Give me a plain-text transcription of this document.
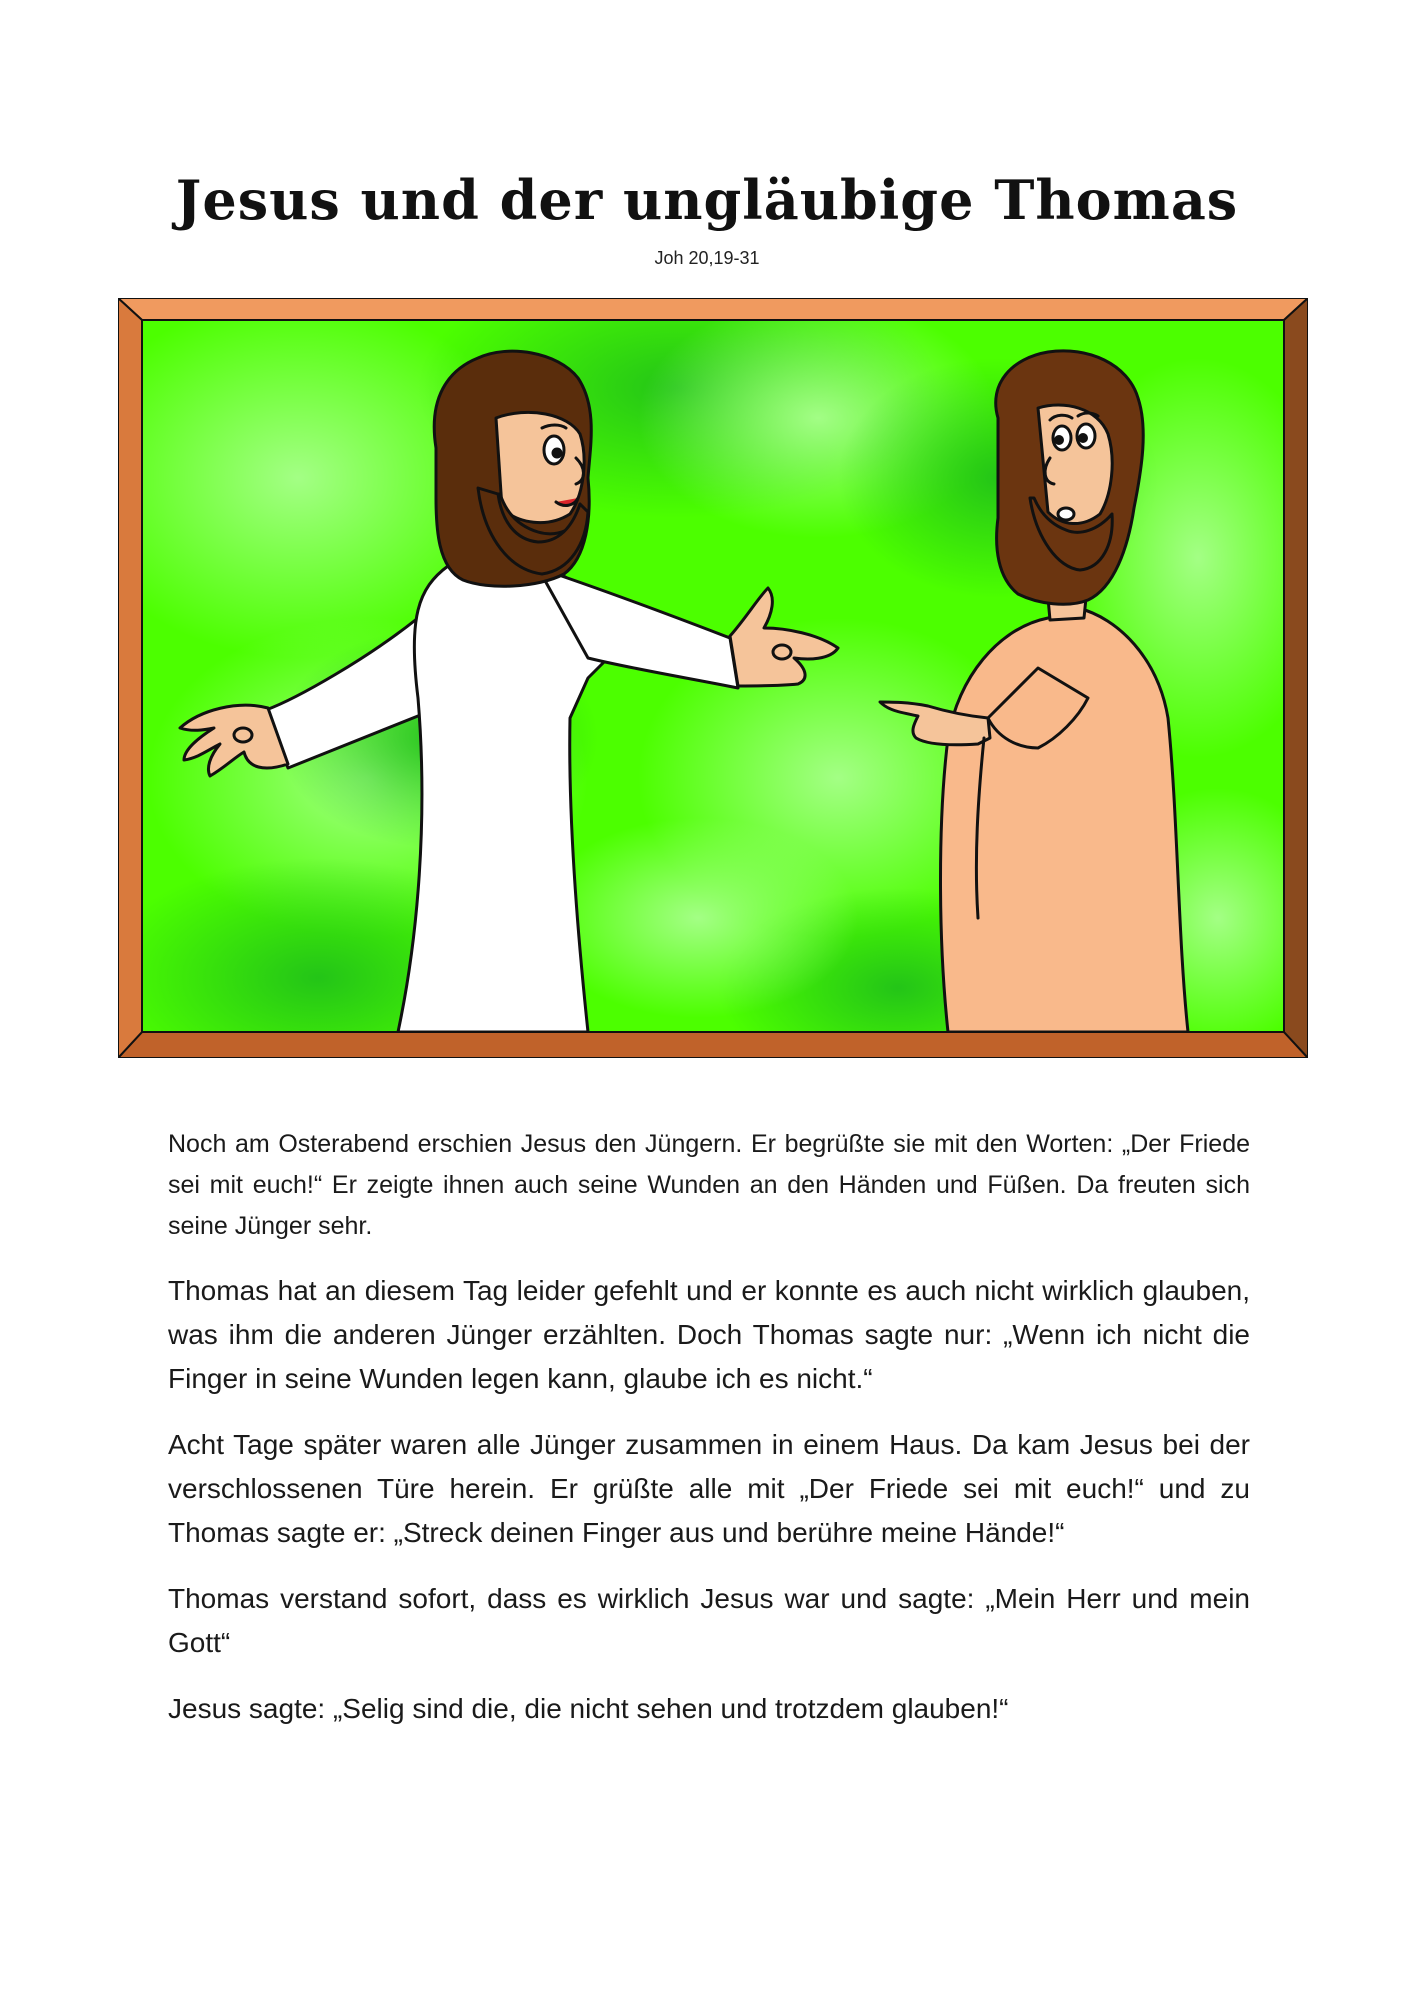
Jesus und der ungläubige Thomas
Joh 20,19-31

Noch am Osterabend erschien Jesus den Jüngern. Er begrüßte sie mit den Worten: „Der Friede sei mit euch!“ Er zeigte ihnen auch seine Wunden an den Händen und Füßen. Da freuten sich seine Jünger sehr.

Thomas hat an diesem Tag leider gefehlt und er konnte es auch nicht wirklich glauben, was ihm die anderen Jünger erzählten. Doch Thomas sagte nur: „Wenn ich nicht die Finger in seine Wunden legen kann, glaube ich es nicht.“

Acht Tage später waren alle Jünger zusammen in einem Haus. Da kam Jesus bei der verschlossenen Türe herein. Er grüßte alle mit „Der Friede sei mit euch!“ und zu Thomas sagte er: „Streck deinen Finger aus und berühre meine Hände!“

Thomas verstand sofort, dass es wirklich Jesus war und sagte: „Mein Herr und mein Gott“

Jesus sagte: „Selig sind die, die nicht sehen und trotzdem glauben!“
